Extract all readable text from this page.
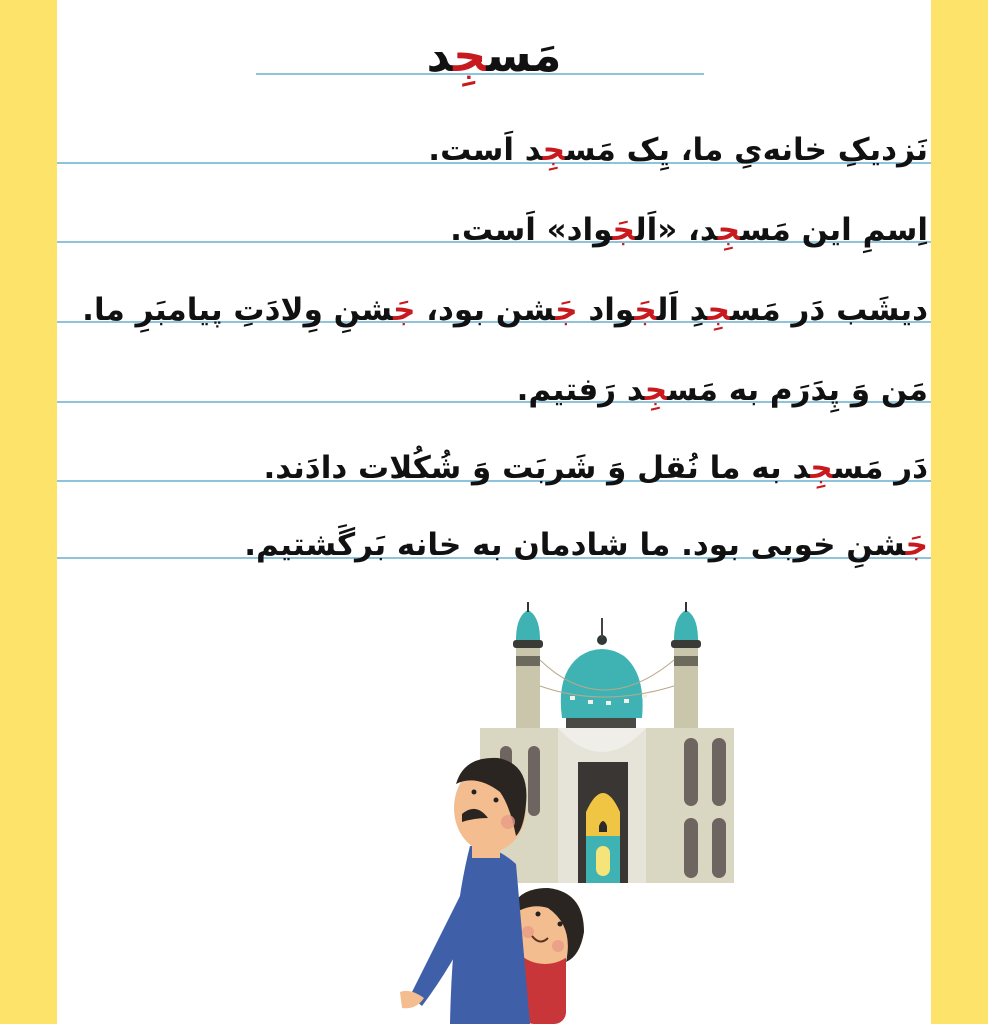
مَسجِد
نَزدیکِ خانه‌یِ ما، یِک مَسجِد اَست.
اِسمِ این مَسجِد، «اَلجَواد» اَست.
دیشَب دَر مَسجِدِ اَلجَواد جَشن بود، جَشنِ وِلادَتِ پیامبَرِ ما.
مَن وَ پِدَرَم به مَسجِد رَفتیم.
دَر مَسجِد به ما نُقل وَ شَربَت وَ شُکُلات دادَند.
جَشنِ خوبی بود. ما شادمان به خانه بَرگَشتیم.
